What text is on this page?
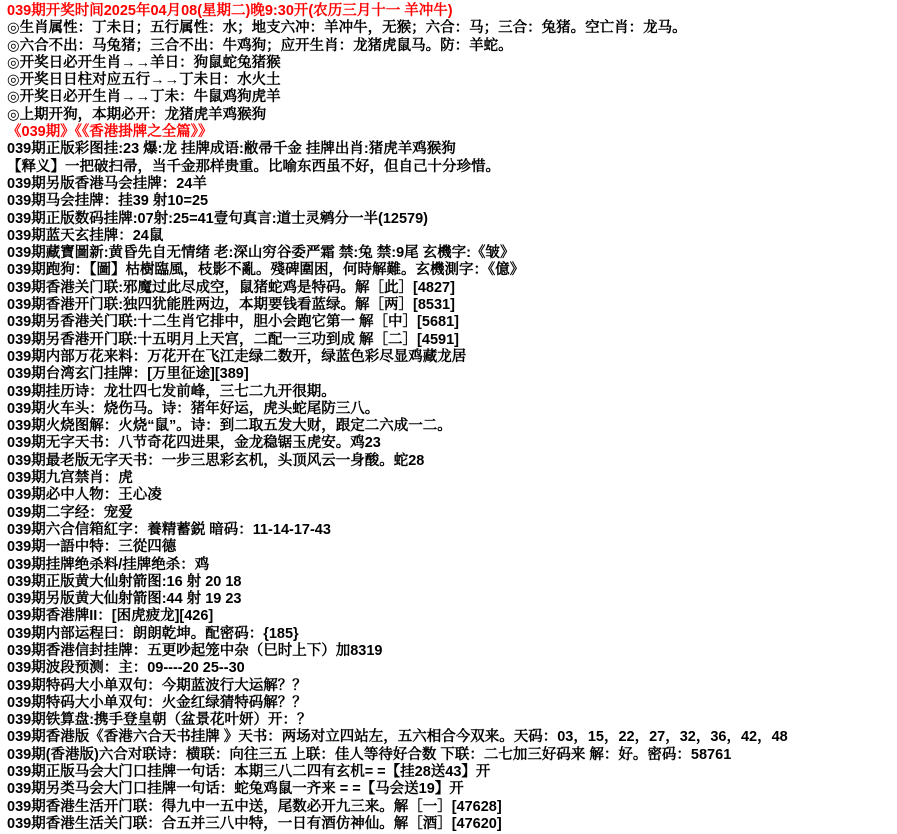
039期开奖时间2025年04月08(星期二)晚9:30开(农历三月十一 羊冲牛)
◎生肖属性：丁未日；五行属性：水；地支六冲：羊冲牛，无猴；六合：马；三合：兔猪。空亡肖：龙马。
◎六合不出：马兔猪；三合不出：牛鸡狗；应开生肖：龙猪虎鼠马。防：羊蛇。
◎开奖日必开生肖→→羊日：狗鼠蛇兔猪猴
◎开奖日日柱对应五行→→丁未日：水火土
◎开奖日必开生肖→→丁未：牛鼠鸡狗虎羊
◎上期开狗，本期必开：龙猪虎羊鸡猴狗
《039期》《《香港掛牌之全篇》》
039期正版彩图挂:23 爆:龙 挂牌成语:敝帚千金 挂牌出肖:猪虎羊鸡猴狗
【释义】一把破扫帚，当千金那样贵重。比喻东西虽不好，但自己十分珍惜。
039期另版香港马会挂牌：24羊
039期马会挂牌：挂39 射10=25
039期正版数码挂牌:07射:25=41壹句真言:道士灵鹓分一半(12579)
039期蓝天玄挂牌：24鼠
039期藏寶圖新:黄昏先自无情绪 老:深山穷谷委严霜 禁:兔 禁:9尾 玄機字:《皱》
039期跑狗：【圖】枯樹臨風，枝影不亂。殘碑圍困，何時解難。玄機測字：《億》
039期香港关门联:邪魔过此尽成空，鼠猪蛇鸡是特码。解［此］[4827]
039期香港开门联:独四犹能胜两边，本期要钱看蓝绿。解［两］[8531]
039期另香港关门联:十二生肖它排中，胆小会跑它第一 解［中］[5681]
039期另香港开门联:十五明月上天宫，二配一三功到成 解［二］[4591]
039期内部万花来料：万花开在飞江走绿二数开，绿蓝色彩尽显鸡藏龙居
039期台湾玄门挂牌：[万里征途][389]
039期挂历诗：龙壮四七发前峰，三七二九开很期。
039期火车头：烧伤马。诗：猪年好运，虎头蛇尾防三八。
039期火烧图解：火烧“鼠”。诗：到二取五发大财，跟定二六成一二。
039期无字天书：八节奇花四进果，金龙稳锯玉虎安。鸡23
039期最老版无字天书：一步三思彩玄机，头顶风云一身酸。蛇28
039期九宫禁肖：虎
039期必中人物：王心凌
039期二字经：宠爱
039期六合信箱紅字：養精蓄鋭 暗码：11-14-17-43
039期一語中特：三從四德
039期挂牌绝杀料/挂牌绝杀：鸡
039期正版黄大仙射箭图:16 射 20 18
039期另版黄大仙射箭图:44 射 19 23
039期香港牌II：[困虎疲龙][426]
039期内部运程曰：朗朗乾坤。配密码：{185}
039期香港信封挂牌：五更吵起笼中杂（巳时上下）加8319
039期波段预测：主：09----20 25--30
039期特码大小单双句：今期蓝波行大运解？？
039期特码大小单双句：火金红绿猜特码解？？
039期铁算盘:携手登皇朝（盆景花叶妍）开：？
039期香港版《香港六合天书挂牌 》天书：两场对立四站左，五六相合今双来。天码：03，15，22，27，32，36，42，48
039期(香港版)六合对联诗：横联：向往三五 上联：佳人等待好合数 下联：二七加三好码来 解：好。密码：58761
039期正版马会大门口挂牌一句话：本期三八二四有玄机= =【挂28送43】开
039期另类马会大门口挂牌一句话：蛇兔鸡鼠一齐来 = =【马会送19】开
039期香港生活开门联：得九中一五中送，尾数必开九三来。解［一］[47628]
039期香港生活关门联：合五并三八中特，一日有酒仿神仙。解［酒］[47620]
